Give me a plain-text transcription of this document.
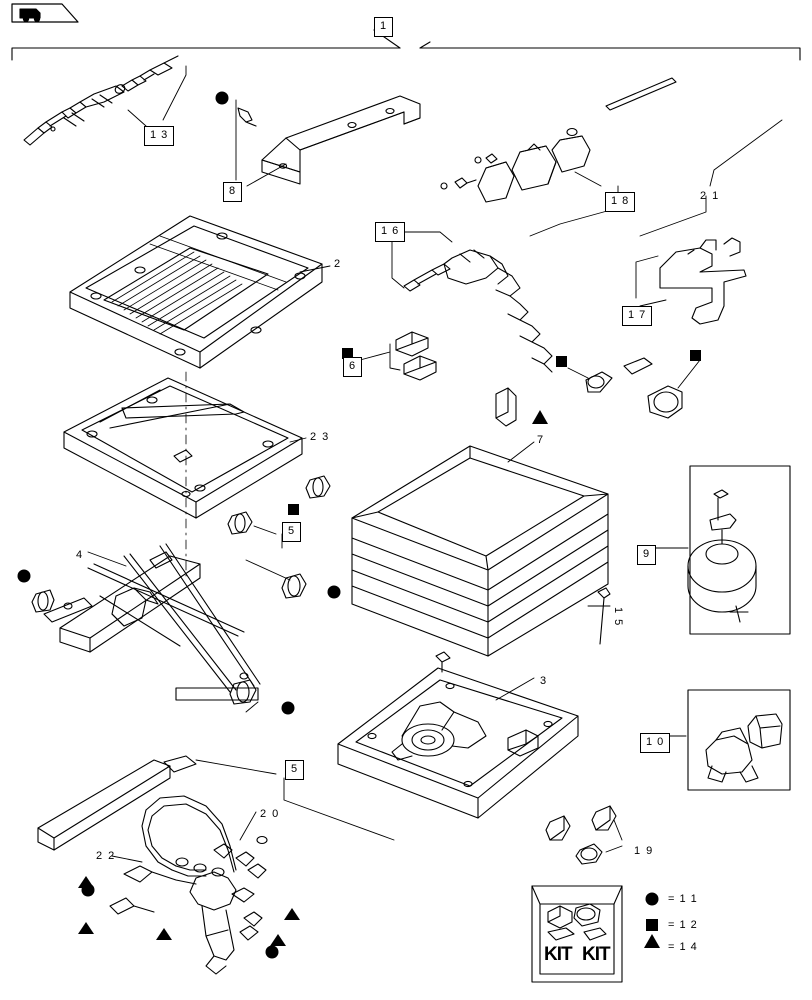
1
1 3
8
1 8	2 1
1 6
1 7
2
6
2 3	7
9
5
4
1 5
3
1 0
5
2 0
1 9
2 2
KIT KIT
= 1 1
= 1 2
= 1 4
